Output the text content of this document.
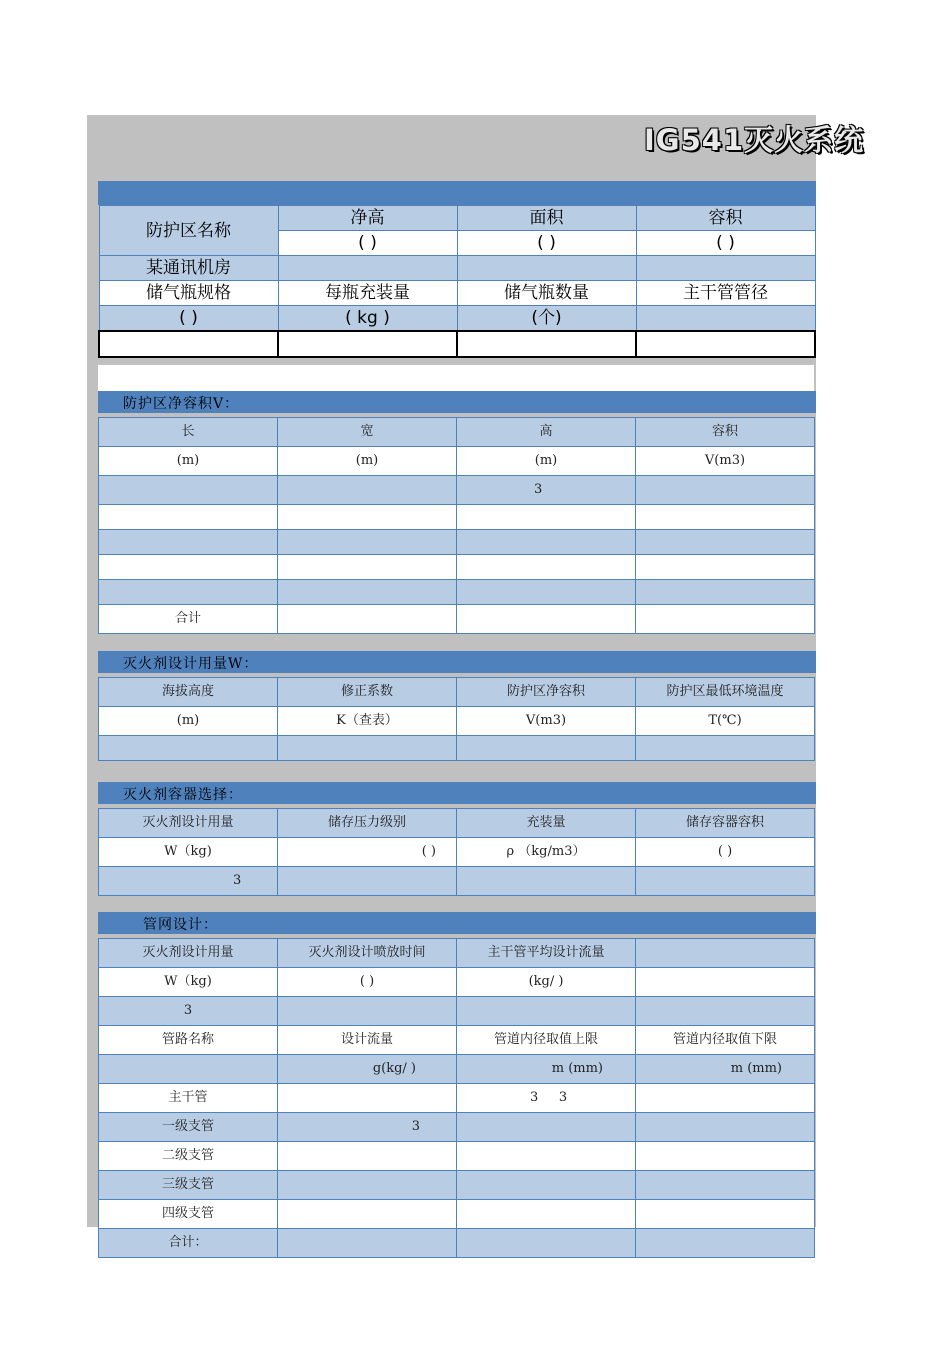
防护区名称	净高	面积	容积
	( )	( )	( )
某通讯机房			
储气瓶规格	每瓶充装量	储气瓶数量	主干管管径
( )	( kg )	(个)	

防护区净容积V：
长	宽	高	容积
(m)	(m)	(m)	V(m3)
		3	

合计			
灭火剂设计用量W：
海拔高度	修正系数	防护区净容积	防护区最低环境温度
(m)	K（查表）	V(m3)	T(℃)

灭火剂容器选择：
灭火剂设计用量	储存压力级别	充装量	储存容器容积
W（kg)	( )	ρ （kg/m3）	( )
3			
管网设计：
灭火剂设计用量	灭火剂设计喷放时间	主干管平均设计流量	
W（kg)	( )	(kg/ )	
3			
管路名称	设计流量	管道内径取值上限	管道内径取值下限
	g(kg/ )	m (mm)	m (mm)
主干管		3     3	
一级支管	3		
二级支管			
三级支管			
四级支管			
合计：			
IG541灭火系统
